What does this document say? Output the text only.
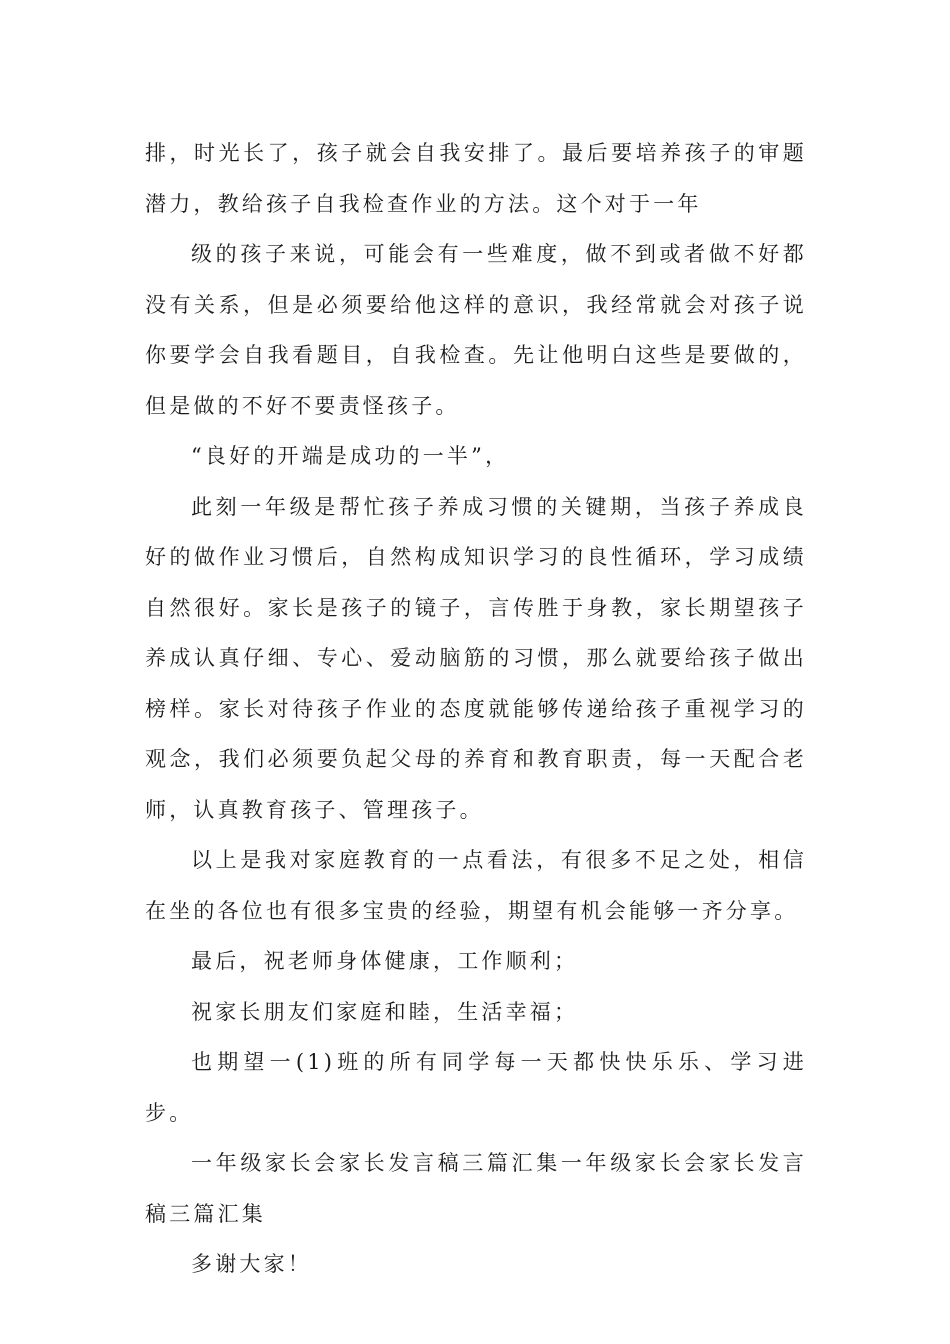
排，时光长了，孩子就会自我安排了。最后要培养孩子的审题潜力，教给孩子自我检查作业的方法。这个对于一年

级的孩子来说，可能会有一些难度，做不到或者做不好都没有关系，但是必须要给他这样的意识，我经常就会对孩子说你要学会自我看题目，自我检查。先让他明白这些是要做的，但是做的不好不要责怪孩子。

“良好的开端是成功的一半”，

此刻一年级是帮忙孩子养成习惯的关键期，当孩子养成良好的做作业习惯后，自然构成知识学习的良性循环，学习成绩自然很好。家长是孩子的镜子，言传胜于身教，家长期望孩子养成认真仔细、专心、爱动脑筋的习惯，那么就要给孩子做出榜样。家长对待孩子作业的态度就能够传递给孩子重视学习的观念，我们必须要负起父母的养育和教育职责，每一天配合老师，认真教育孩子、管理孩子。

以上是我对家庭教育的一点看法，有很多不足之处，相信在坐的各位也有很多宝贵的经验，期望有机会能够一齐分享。

最后，祝老师身体健康，工作顺利；

祝家长朋友们家庭和睦，生活幸福；

也期望一(1)班的所有同学每一天都快快乐乐、学习进步。

一年级家长会家长发言稿三篇汇集一年级家长会家长发言稿三篇汇集

多谢大家！
